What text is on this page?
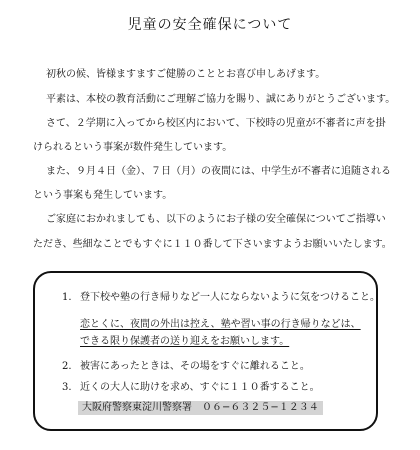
児童の安全確保について
初秋の候、皆様ますますご健勝のこととお喜び申しあげます。
平素は、本校の教育活動にご理解ご協力を賜り、誠にありがとうございます。
さて、２学期に入ってから校区内において、下校時の児童が不審者に声を掛
けられるという事案が数件発生しています。
また、９月４日（金）、７日（月）の夜間には、中学生が不審者に追随される
という事案も発生しています。
ご家庭におかれましても、以下のようにお子様の安全確保についてご指導い
ただき、些細なことでもすぐに１１０番して下さいますようお願いいたします。
1. 登下校や塾の行き帰りなど一人にならないように気をつけること。
恋とくに、夜間の外出は控え、塾や習い事の行き帰りなどは、
できる限り保護者の送り迎えをお願いします。
2. 被害にあったときは、その場をすぐに離れること。
3. 近くの大人に助けを求め、すぐに１１０番すること。
大阪府警察東淀川警察署　０６−６３２５−１２３４
